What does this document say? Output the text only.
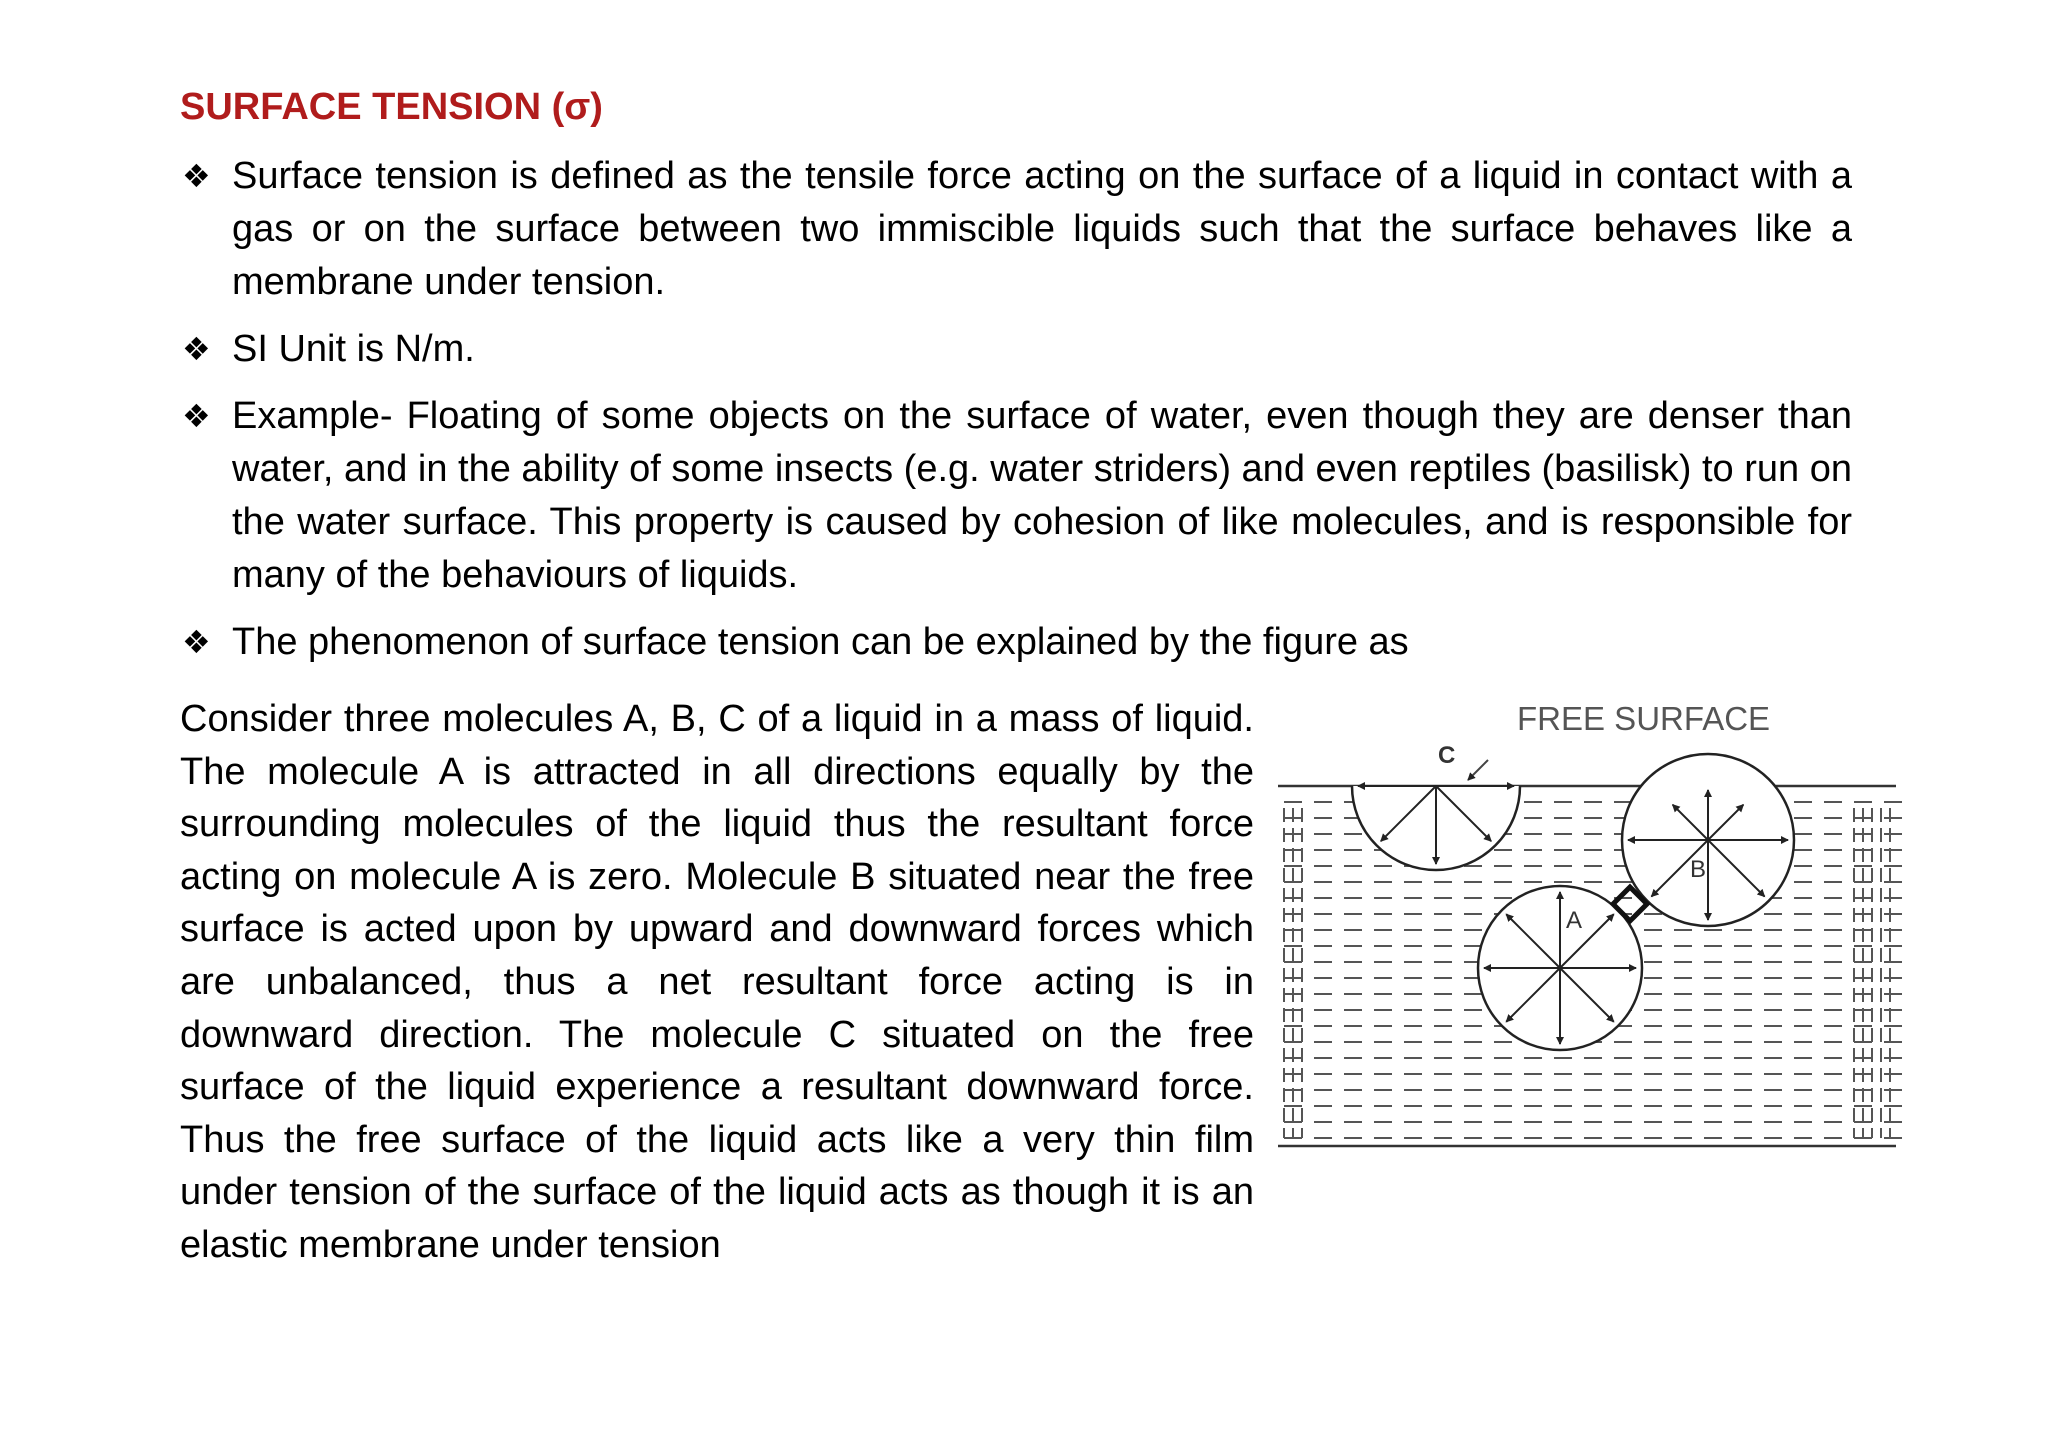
SURFACE TENSION (σ)
❖ Surface tension is defined as the tensile force acting on the surface of a liquid in contact with a gas or on the surface between two immiscible liquids such that the surface behaves like a membrane under tension.
❖ SI Unit is N/m.
❖ Example- Floating of some objects on the surface of water, even though they are denser than water, and in the ability of some insects (e.g. water striders) and even reptiles (basilisk) to run on the water surface. This property is caused by cohesion of like molecules, and is responsible for many of the behaviours of liquids.
❖ The phenomenon of surface tension can be explained by the figure as

Consider three molecules A, B, C of a liquid in a mass of liquid. The molecule A is attracted in all directions equally by the surrounding molecules of the liquid thus the resultant force acting on molecule A is zero. Molecule B situated near the free surface is acted upon by upward and downward forces which are unbalanced, thus a net resultant force acting is in downward direction. The molecule C situated on the free surface of the liquid experience a resultant downward force. Thus the free surface of the liquid acts like a very thin film under tension of the surface of the liquid acts as though it is an elastic membrane under tension

FREE SURFACE
C
B
A
